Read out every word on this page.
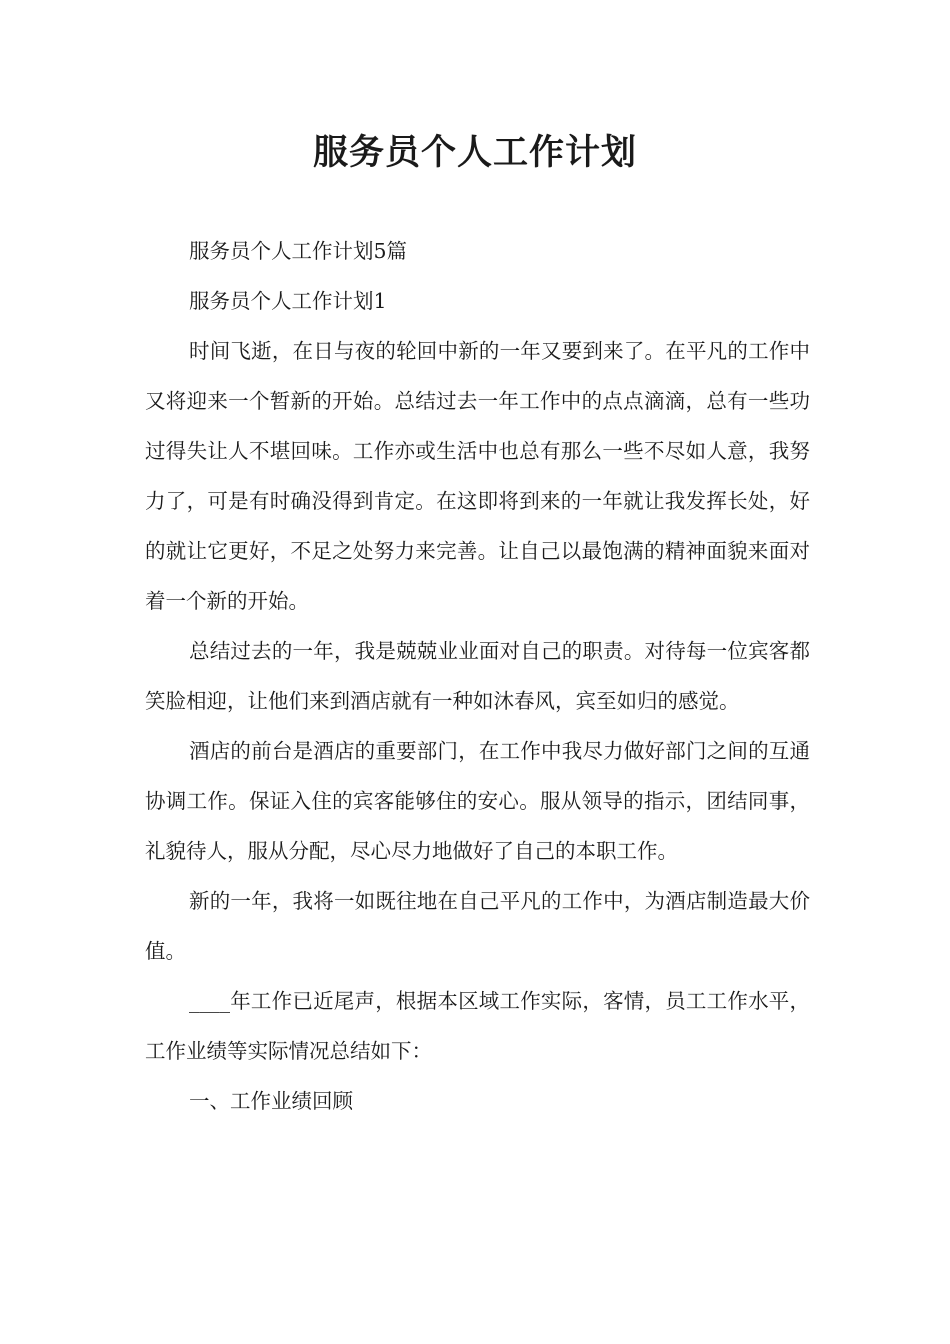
服务员个人工作计划

服务员个人工作计划5篇

服务员个人工作计划1

时间飞逝，在日与夜的轮回中新的一年又要到来了。在平凡的工作中又将迎来一个暂新的开始。总结过去一年工作中的点点滴滴，总有一些功过得失让人不堪回味。工作亦或生活中也总有那么一些不尽如人意，我努力了，可是有时确没得到肯定。在这即将到来的一年就让我发挥长处，好的就让它更好，不足之处努力来完善。让自己以最饱满的精神面貌来面对着一个新的开始。

总结过去的一年，我是兢兢业业面对自己的职责。对待每一位宾客都笑脸相迎，让他们来到酒店就有一种如沐春风，宾至如归的感觉。

酒店的前台是酒店的重要部门，在工作中我尽力做好部门之间的互通协调工作。保证入住的宾客能够住的安心。服从领导的指示，团结同事，礼貌待人，服从分配，尽心尽力地做好了自己的本职工作。

新的一年，我将一如既往地在自己平凡的工作中，为酒店制造最大价值。

____年工作已近尾声，根据本区域工作实际，客情，员工工作水平，工作业绩等实际情况总结如下：

一、工作业绩回顾
